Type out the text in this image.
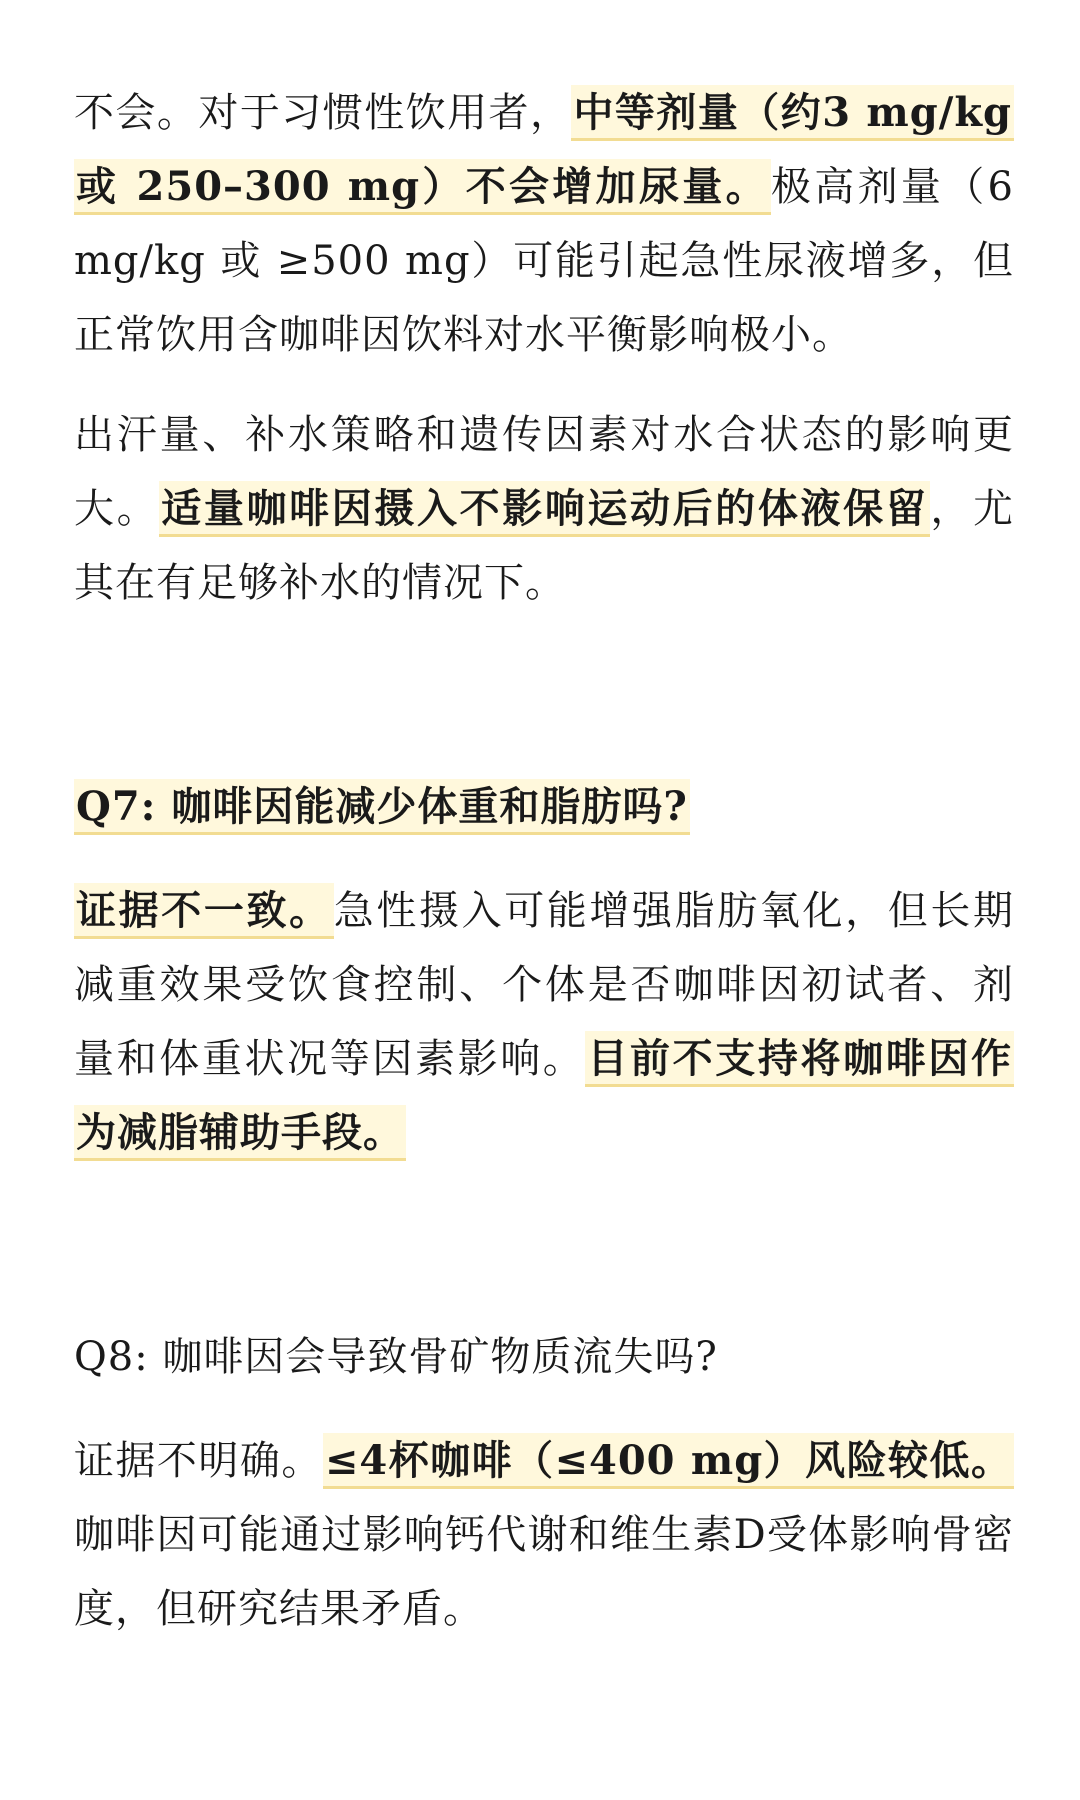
不会。对于习惯性饮用者，中等剂量（约3 mg/kg 或 250–300 mg）不会增加尿量。极高剂量（6 mg/kg 或 ≥500 mg）可能引起急性尿液增多，但正常饮用含咖啡因饮料对水平衡影响极小。

出汗量、补水策略和遗传因素对水合状态的影响更大。适量咖啡因摄入不影响运动后的体液保留，尤其在有足够补水的情况下。

Q7: 咖啡因能减少体重和脂肪吗?

证据不一致。急性摄入可能增强脂肪氧化，但长期减重效果受饮食控制、个体是否咖啡因初试者、剂量和体重状况等因素影响。目前不支持将咖啡因作为减脂辅助手段。

Q8: 咖啡因会导致骨矿物质流失吗?

证据不明确。≤4杯咖啡（≤400 mg）风险较低。咖啡因可能通过影响钙代谢和维生素D受体影响骨密度，但研究结果矛盾。
